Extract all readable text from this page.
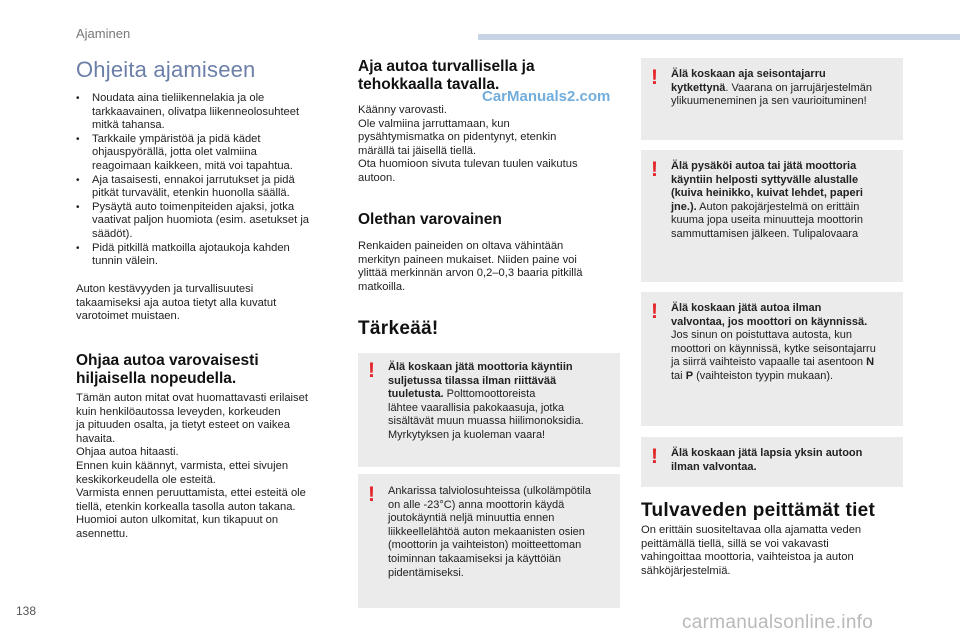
Ajaminen
Ohjeita ajamiseen
• Noudata aina tieliikennelakia ja ole
tarkkaavainen, olivatpa liikenneolosuhteet
mitkä tahansa.
• Tarkkaile ympäristöä ja pidä kädet
ohjauspyörällä, jotta olet valmiina
reagoimaan kaikkeen, mitä voi tapahtua.
• Aja tasaisesti, ennakoi jarrutukset ja pidä
pitkät turvavälit, etenkin huonolla säällä.
• Pysäytä auto toimenpiteiden ajaksi, jotka
vaativat paljon huomiota (esim. asetukset ja
säädöt).
• Pidä pitkillä matkoilla ajotaukoja kahden
tunnin välein.
Auton kestävyyden ja turvallisuutesi
takaamiseksi aja autoa tietyt alla kuvatut
varotoimet muistaen.
Ohjaa autoa varovaisesti
hiljaisella nopeudella.
Tämän auton mitat ovat huomattavasti erilaiset
kuin henkilöautossa leveyden, korkeuden
ja pituuden osalta, ja tietyt esteet on vaikea
havaita.
Ohjaa autoa hitaasti.
Ennen kuin käännyt, varmista, ettei sivujen
keskikorkeudella ole esteitä.
Varmista ennen peruuttamista, ettei esteitä ole
tiellä, etenkin korkealla tasolla auton takana.
Huomioi auton ulkomitat, kun tikapuut on
asennettu.
Aja autoa turvallisella ja
tehokkaalla tavalla.
CarManuals2.com
Käänny varovasti.
Ole valmiina jarruttamaan, kun
pysähtymismatka on pidentynyt, etenkin
märällä tai jäisellä tiellä.
Ota huomioon sivuta tulevan tuulen vaikutus
autoon.
Olethan varovainen
Renkaiden paineiden on oltava vähintään
merkityn paineen mukaiset. Niiden paine voi
ylittää merkinnän arvon 0,2–0,3 baaria pitkillä
matkoilla.
Tärkeää!
! Älä koskaan jätä moottoria käyntiin
suljetussa tilassa ilman riittävää
tuuletusta. Polttomoottoreista
lähtee vaarallisia pakokaasuja, jotka
sisältävät muun muassa hiilimonoksidia.
Myrkytyksen ja kuoleman vaara!
! Ankarissa talviolosuhteissa (ulkolämpötila
on alle -23°C) anna moottorin käydä
joutokäyntiä neljä minuuttia ennen
liikkeellelähtöä auton mekaanisten osien
(moottorin ja vaihteiston) moitteettoman
toiminnan takaamiseksi ja käyttöiän
pidentämiseksi.
! Älä koskaan aja seisontajarru
kytkettynä. Vaarana on jarrujärjestelmän
ylikuumeneminen ja sen vaurioituminen!
! Älä pysäköi autoa tai jätä moottoria
käyntiin helposti syttyvälle alustalle
(kuiva heinikko, kuivat lehdet, paperi
jne.). Auton pakojärjestelmä on erittäin
kuuma jopa useita minuutteja moottorin
sammuttamisen jälkeen. Tulipalovaara
! Älä koskaan jätä autoa ilman
valvontaa, jos moottori on käynnissä.
Jos sinun on poistuttava autosta, kun
moottori on käynnissä, kytke seisontajarru
ja siirrä vaihteisto vapaalle tai asentoon N
tai P (vaihteiston tyypin mukaan).
! Älä koskaan jätä lapsia yksin autoon
ilman valvontaa.
Tulvaveden peittämät tiet
On erittäin suositeltavaa olla ajamatta veden
peittämällä tiellä, sillä se voi vakavasti
vahingoittaa moottoria, vaihteistoa ja auton
sähköjärjestelmiä.
138
carmanualsonline.info
